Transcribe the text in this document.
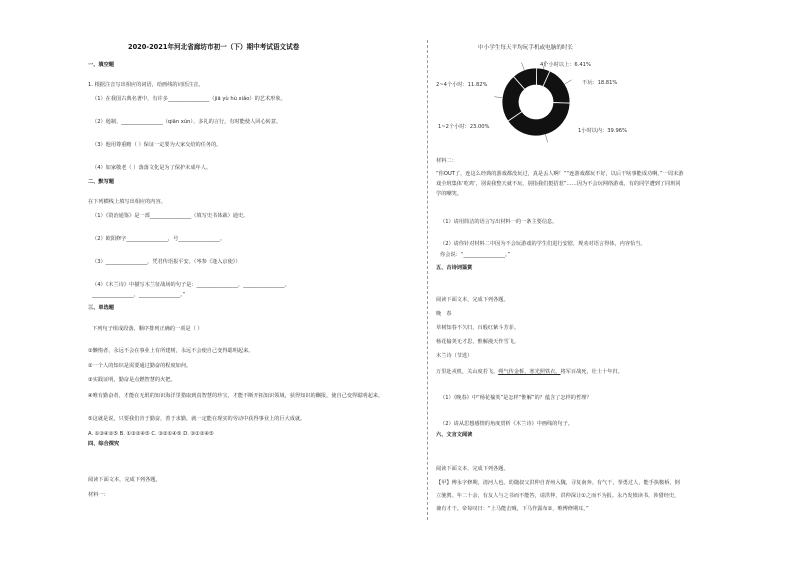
2020-2021年河北省廊坊市初一（下）期中考试语文试卷
一、填空题
1. 根据注音写出相应的词语，给画线的词语注音。
（1）在我国古典名著中，有许多________________（jiā yù hù xiǎo）的艺术形象。
（2）遏制、________________（qiān xùn）、多礼的言行，有时能使人回心转意。
（3）他用尊重瞻（ ）保证一定要为大家交给的任务的。
（4）如家敬老（ ）落落文化是为了保护未成年人。
二、默写题
在下列横线上填写出相应的内容。
（1）《资治通鉴》是一部________________（填写史书体裁）通史。
（2）欧阳修字________________，号________________。
（3）________________，凭君传语报平安。（岑参《逢入京使》）
（4）《木兰诗》中描写木兰征战场的句子是：________________，________________。
________________，________________。”
三、单选题
下列句子组成段落，顺序排列正确的一项是（ ）
①懒惰者，永远不会在事业上有所建树，永远不会使自己变得聪明起来。
②一个人的知识是需要通过勤奋的程度如何。
③实践证明，勤奋是点燃智慧的火把。
④唯有勤奋者，才能在无垠的知识海洋里猎取到真智慧的珍宝，才能不断开拓知识领域，获得知识的酬报，使自己变得聪明起来。
⑤这就是说，只要我们肯于勤奋，善于求勤，就一定能在现实的劳动中获得事业上的巨大成就。
A. ①③④②⑤ B. ①③②④⑤ C. ③②①④⑤ D. ③①②④⑤
四、综合探究
阅读下面文本，完成下列各题。
材料一：
中小学生每天平均玩手机或电脑的时长
4个小时以上：6.41%
不玩：18.81%
1小时以内：39.96%
1~2个小时：23.00%
2~4个小时：11.82%
材料二：
“你OUT了，连这么经典的游戏都没玩过，真是丢人啊！”“连游戏都玩不好，以后干啥事能成功啊。”一周末游
戏全班集体‘吃鸡’，别说我整天就不玩，别指我们挺招惹”……因为不会玩网络游戏，有的同学遭到了同班同
学的嘲笑。
（1）请用简洁的语言写出材料一的一条主要信息。
（2）请你针对材料二中因为不会玩游戏的学生们进行安慰，规劝对语言得体，内容恰当。
你会说：“________________。”
五、古诗词鉴赏
阅读下面文本，完成下列各题。
晚　春
草树知春不久归，百般红紫斗芳菲。
杨花榆荚无才思，惟解漫天作雪飞。
木兰诗（节选）
万里赴戎机，关山度若飞。朔气传金柝，寒光照铁衣。将军百战死，壮士十年归。
（1）《晚春》中“杨花榆荚”是怎样“惟解”的？蕴含了怎样的哲理？
（2）请从思想感情的角度赏析《木兰诗》中画线的句子。
六、文言文阅读
阅读下面文本，完成下列各题。
【甲】傅永字修期，清河人也。幼随叔父洪仲自青州入魏，寻复南奔。有气干，拳勇过人，能手执鞍桥，倒
立驰骋。年二十余，有友人与之书而不能答，请洪仲，洪仲深让①之而不为报。永乃发愤读书，涉猎经史，
兼有才干。帝每叹曰：“上马能击贼，下马作露布②，唯傅修期耳。”
